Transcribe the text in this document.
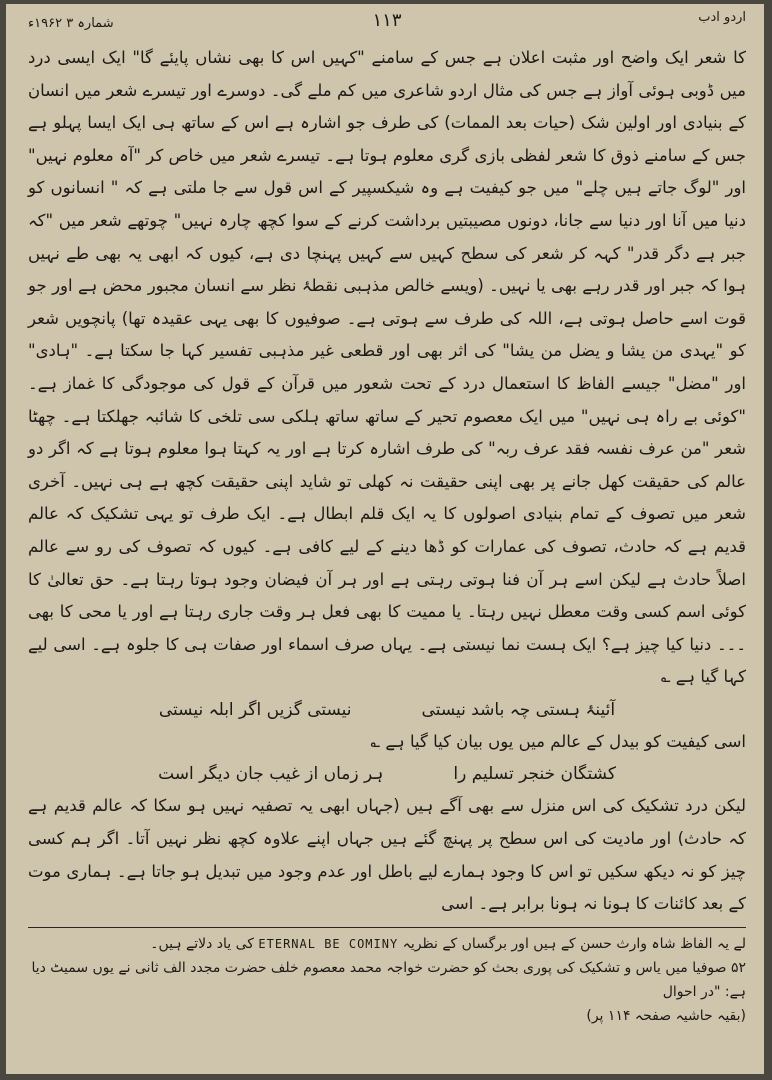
شمارہ ۳ ۱۹۶۲ء	۱۱۳	اردو ادب

کا شعر ایک واضح اور مثبت اعلان ہے جس کے سامنے "کہیں اس کا بھی نشاں پایئے گا" ایک ایسی درد میں ڈوبی ہوئی آواز ہے جس کی مثال اردو شاعری میں کم ملے گی۔ دوسرے اور تیسرے شعر میں انسان کے بنیادی اور اولین شک (حیات بعد الممات) کی طرف جو اشارہ ہے اس کے ساتھ ہی ایک ایسا پہلو ہے جس کے سامنے ذوق کا شعر لفظی بازی گری معلوم ہوتا ہے۔ تیسرے شعر میں خاص کر "آہ معلوم نہیں" اور "لوگ جاتے ہیں چلے" میں جو کیفیت ہے وہ شیکسپیر کے اس قول سے جا ملتی ہے کہ " انسانوں کو دنیا میں آنا اور دنیا سے جانا، دونوں مصیبتیں برداشت کرنے کے سوا کچھ چارہ نہیں" چوتھے شعر میں "کہ جبر ہے دگر قدر" کہہ کر شعر کی سطح کہیں سے کہیں پہنچا دی ہے، کیوں کہ ابھی یہ بھی طے نہیں ہوا کہ جبر اور قدر رہے بھی یا نہیں۔ (ویسے خالص مذہبی نقطۂ نظر سے انسان مجبور محض ہے اور جو قوت اسے حاصل ہوتی ہے، اللہ کی طرف سے ہوتی ہے۔ صوفیوں کا بھی یہی عقیدہ تھا) پانچویں شعر کو "یہدی من یشا و یضل من یشا" کی اثر بھی اور قطعی غیر مذہبی تفسیر کہا جا سکتا ہے۔ "ہادی" اور "مضل" جیسے الفاظ کا استعمال درد کے تحت شعور میں قرآن کے قول کی موجودگی کا غماز ہے۔ "کوئی بے راہ ہی نہیں" میں ایک معصوم تحیر کے ساتھ ساتھ ہلکی سی تلخی کا شائبہ جھلکتا ہے۔ چھٹا شعر "من عرف نفسہ فقد عرف ربہ" کی طرف اشارہ کرتا ہے اور یہ کہتا ہوا معلوم ہوتا ہے کہ اگر دو عالم کی حقیقت کھل جانے پر بھی اپنی حقیقت نہ کھلی تو شاید اپنی حقیقت کچھ ہے ہی نہیں۔ آخری شعر میں تصوف کے تمام بنیادی اصولوں کا یہ ایک قلم ابطال ہے۔ ایک طرف تو یہی تشکیک کہ عالم قدیم ہے کہ حادث، تصوف کی عمارات کو ڈھا دینے کے لیے کافی ہے۔ کیوں کہ تصوف کی رو سے عالم اصلاً حادث ہے لیکن اسے ہر آن فنا ہوتی رہتی ہے اور ہر آن فیضان وجود ہوتا رہتا ہے۔ حق تعالیٰ کا کوئی اسم کسی وقت معطل نہیں رہتا۔ یا ممیت کا بھی فعل ہر وقت جاری رہتا ہے اور یا محی کا بھی ۔۔۔ دنیا کیا چیز ہے؟ ایک ہست نما نیستی ہے۔ یہاں صرف اسماء اور صفات ہی کا جلوہ ہے۔ اسی لیے کہا گیا ہے ؎

آئینۂ ہستی چہ باشد نیستی
نیستی گزیں اگر ابلہ نیستی

اسی کیفیت کو بیدل کے عالم میں یوں بیان کیا گیا ہے ؎

کشتگان خنجر تسلیم را
ہر زماں از غیب جان دیگر است

لیکن درد تشکیک کی اس منزل سے بھی آگے ہیں (جہاں ابھی یہ تصفیہ نہیں ہو سکا کہ عالم قدیم ہے کہ حادث) اور مادیت کی اس سطح پر پہنچ گئے ہیں جہاں اپنے علاوہ کچھ نظر نہیں آتا۔ اگر ہم کسی چیز کو نہ دیکھ سکیں تو اس کا وجود ہمارے لیے باطل اور عدم وجود میں تبدیل ہو جاتا ہے۔ ہماری موت کے بعد کائنات کا ہونا نہ ہونا برابر ہے۔ اسی

لے یہ الفاظ شاہ وارث حسن کے ہیں اور برگساں کے نظریہ ETERNAL BE COMINY کی یاد دلاتے ہیں۔
۵۲ صوفیا میں یاس و تشکیک کی پوری بحث کو حضرت خواجہ محمد معصوم خلف حضرت مجدد الف ثانی نے یوں سمیٹ دیا ہے: "در احوال
(بقیہ حاشیہ صفحہ ۱۱۴ پر)
